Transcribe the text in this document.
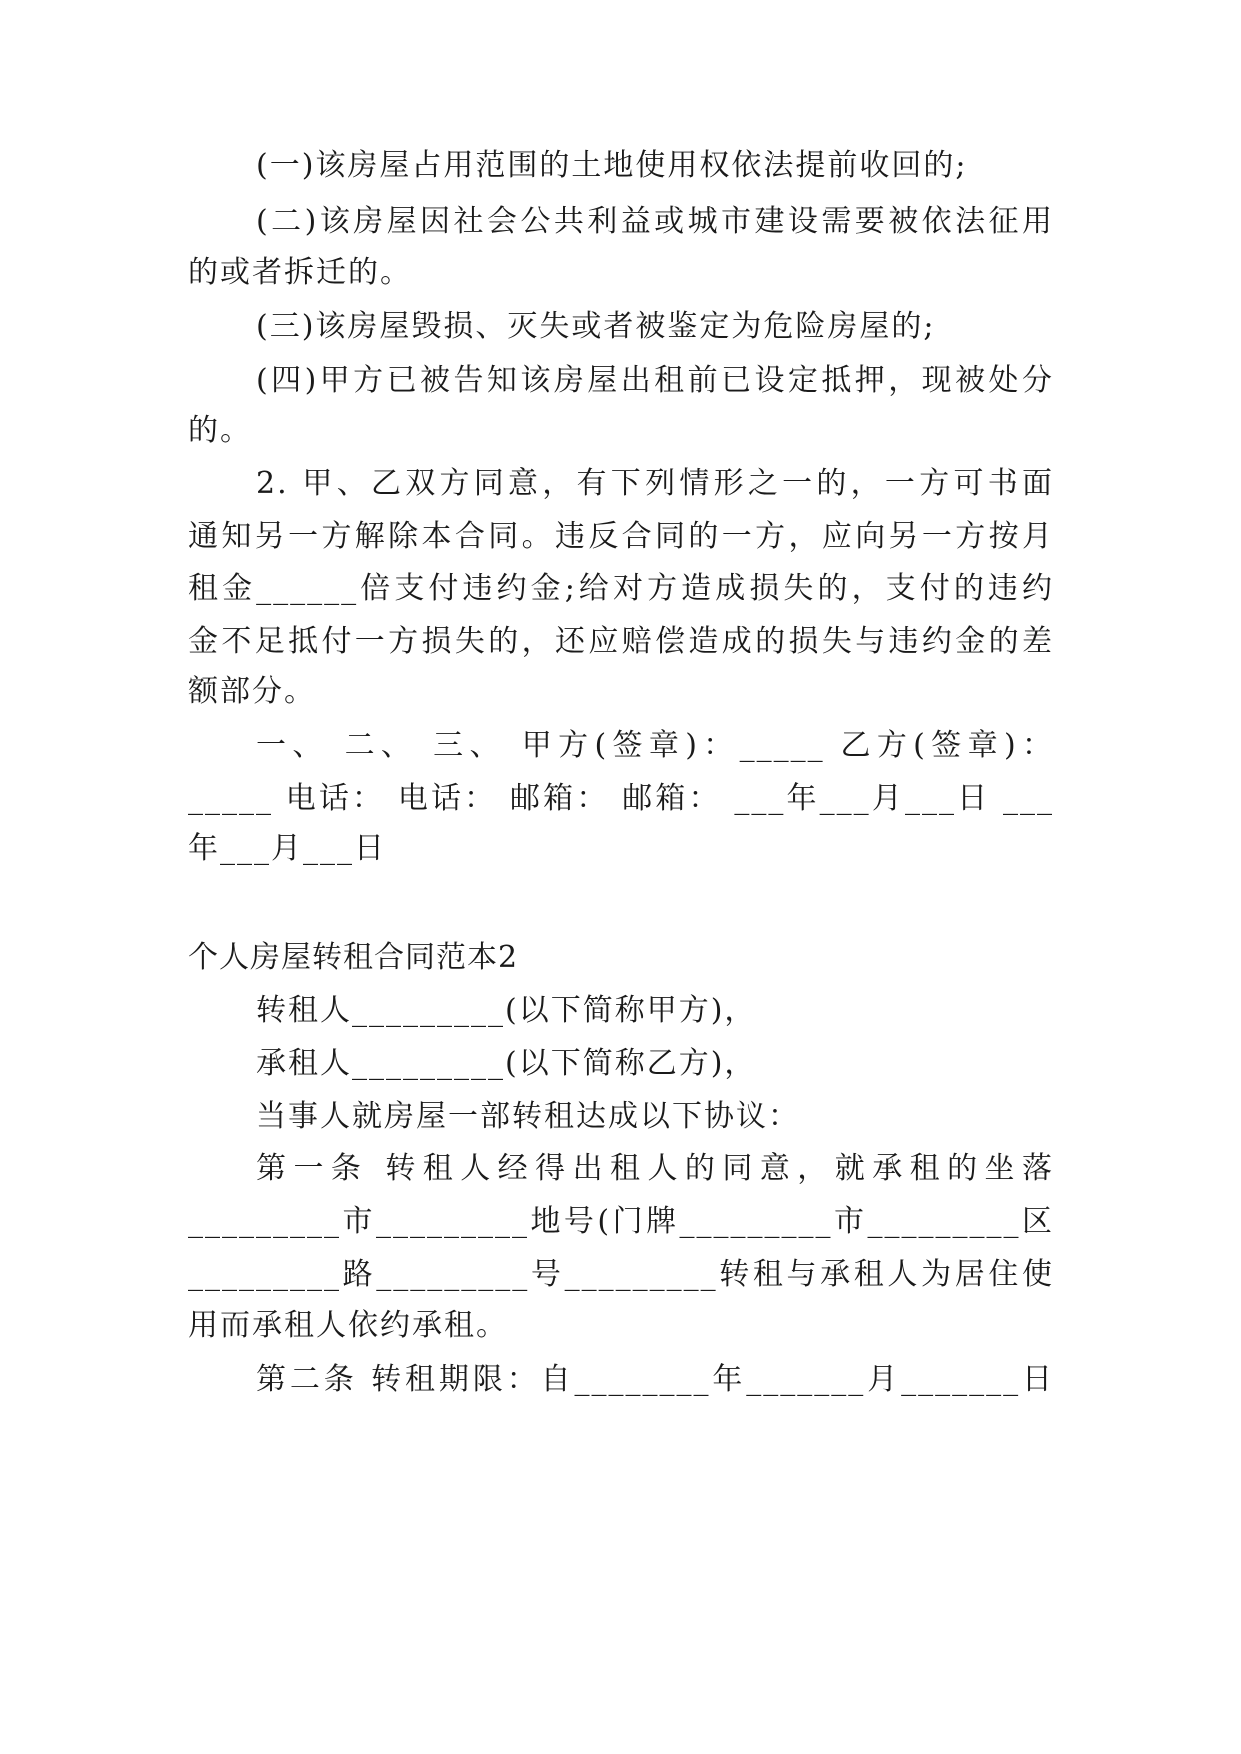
(一)该房屋占用范围的土地使用权依法提前收回的;
(二)该房屋因社会公共利益或城市建设需要被依法征用
的或者拆迁的。
(三)该房屋毁损、灭失或者被鉴定为危险房屋的;
(四)甲方已被告知该房屋出租前已设定抵押，现被处分
的。
2. 甲、乙双方同意，有下列情形之一的，一方可书面
通知另一方解除本合同。违反合同的一方，应向另一方按月
租金______倍支付违约金;给对方造成损失的，支付的违约
金不足抵付一方损失的，还应赔偿造成的损失与违约金的差
额部分。
一、 二、 三、 甲方(签章)：_____ 乙方(签章)：
_____ 电话： 电话： 邮箱： 邮箱： ___年___月___日 ___
年___月___日
个人房屋转租合同范本2
转租人_________(以下简称甲方)，
承租人_________(以下简称乙方)，
当事人就房屋一部转租达成以下协议：
第一条 转租人经得出租人的同意，就承租的坐落
_________市_________地号(门牌_________市_________区
_________路_________号_________转租与承租人为居住使
用而承租人依约承租。
第二条 转租期限：自________年_______月_______日
